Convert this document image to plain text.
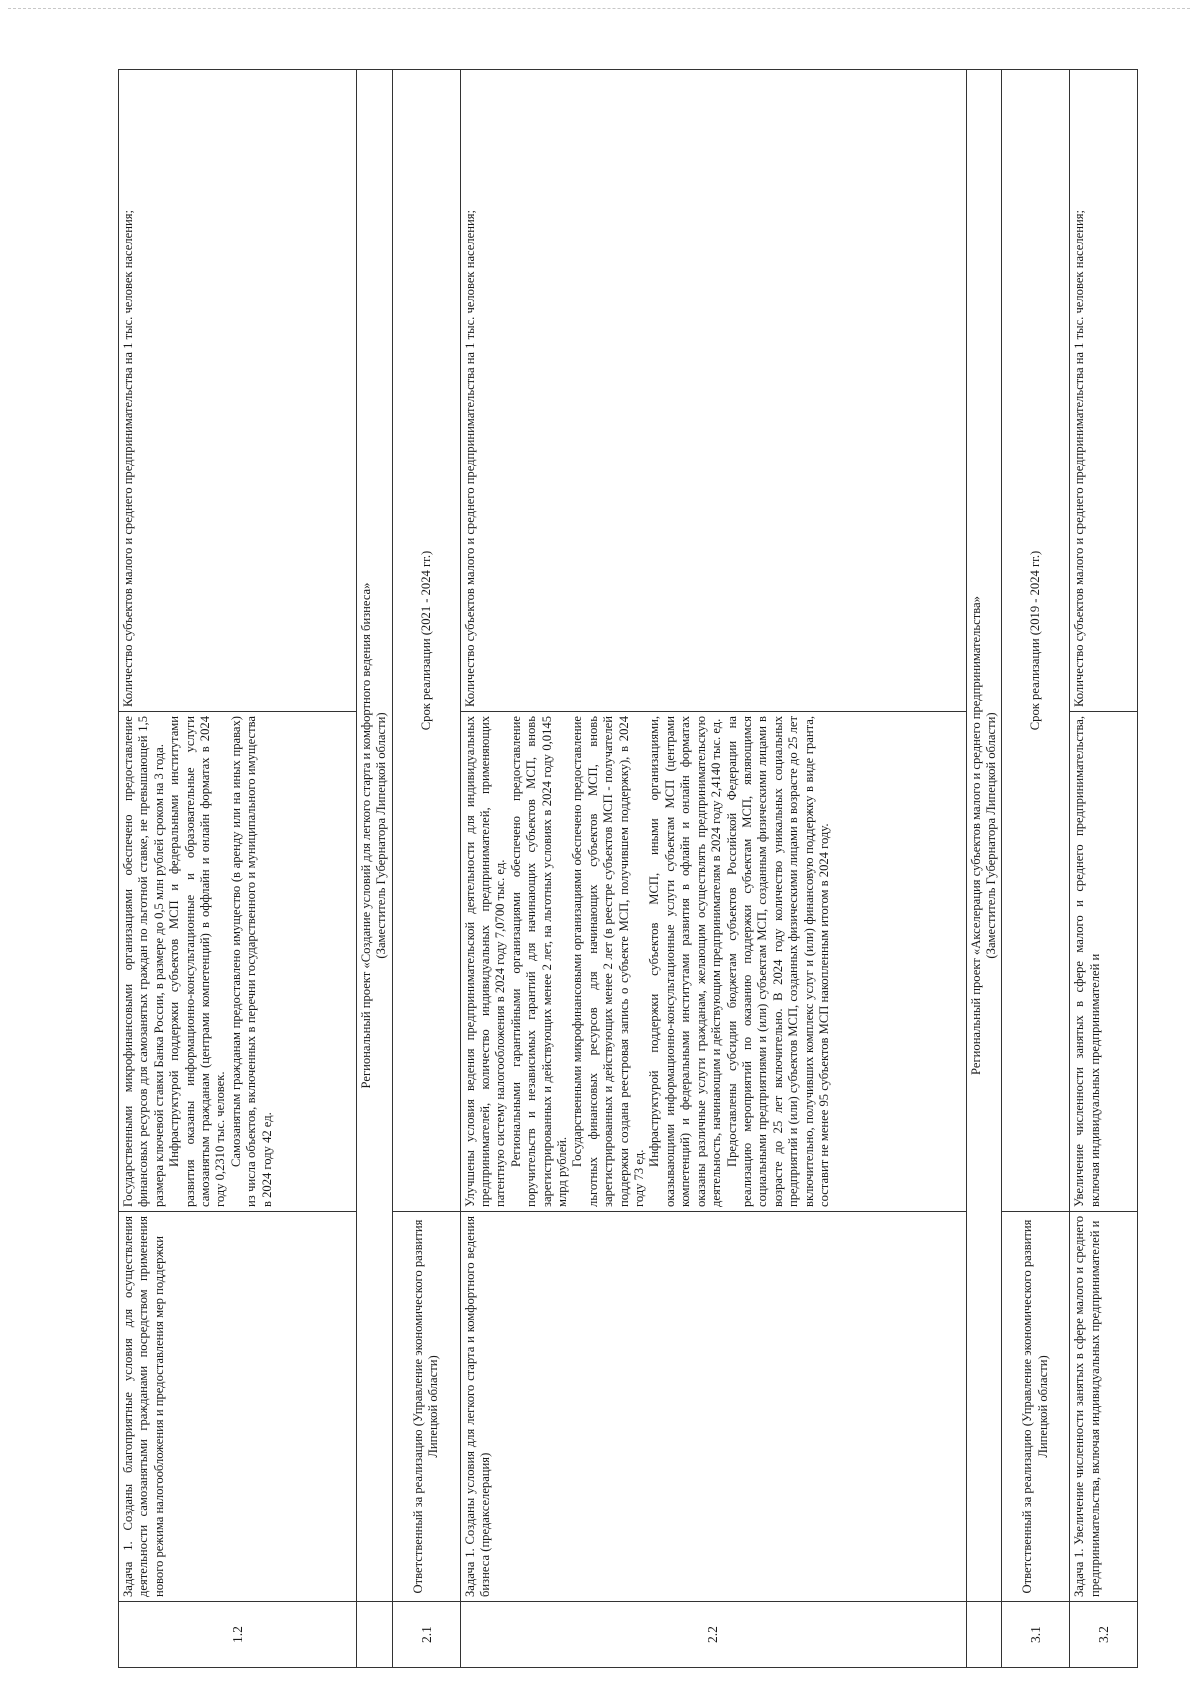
1.2	Задача 1. Созданы благоприятные условия для осуществления деятельности самозанятыми гражданами посредством применения нового режима налогообложения и предоставления мер поддержки	Государственными микрофинансовыми организациями обеспечено предоставление финансовых ресурсов для самозанятых граждан по льготной ставке, не превышающей 1,5 размера ключевой ставки Банка России, в размере до 0,5 млн рублей сроком на 3 года. Инфраструктурой поддержки субъектов МСП и федеральными институтами развития оказаны информационно-консультационные и образовательные услуги самозанятым гражданам (центрами компетенций) в оффлайн и онлайн форматах в 2024 году 0,2310 тыс. человек. Самозанятым гражданам предоставлено имущество (в аренду или на иных правах) из числа объектов, включенных в перечни государственного и муниципального имущества в 2024 году 42 ед.	Количество субъектов малого и среднего предпринимательства на 1 тыс. человек населения;

	Региональный проект «Создание условий для легкого старта и комфортного ведения бизнеса» (Заместитель Губернатора Липецкой области)		

2.1	Ответственный за реализацию (Управление экономического развития Липецкой области)	Срок реализации (2021 - 2024 гг.)	
2.2	Задача 1. Созданы условия для легкого старта и комфортного ведения бизнеса (предакселерация)	Улучшены условия ведения предпринимательской деятельности для индивидуальных предпринимателей, количество индивидуальных предпринимателей, применяющих патентную систему налогообложения в 2024 году 7,0700 тыс. ед. Региональными гарантийными организациями обеспечено предоставление поручительств и независимых гарантий для начинающих субъектов МСП, вновь зарегистрированных и действующих менее 2 лет, на льготных условиях в 2024 году 0,0145 млрд рублей.

Государственными микрофинансовыми организациями обеспечено предоставление льготных финансовых ресурсов для начинающих субъектов МСП, вновь зарегистрированных и действующих менее 2 лет (в реестре субъектов МСП - получателей поддержки создана реестровая запись о субъекте МСП, получившем поддержку), в 2024 году 73 ед.

Инфраструктурой поддержки субъектов МСП, иными организациями, оказывающими информационно-консультационные услуги субъектам МСП (центрами компетенций) и федеральными институтами развития в офлайн и онлайн форматах оказаны различные услуги гражданам, желающим осуществлять предпринимательскую деятельность, начинающим и действующим предпринимателям в 2024 году 2,4140 тыс. ед. Предоставлены субсидии бюджетам субъектов Российской Федерации на реализацию мероприятий по оказанию поддержки субъектам МСП, являющимся социальными предприятиями и (или) субъектам МСП, созданным физическими лицами в возрасте до 25 лет включительно. В 2024 году количество уникальных социальных предприятий и (или) субъектов МСП, созданных физическими лицами в возрасте до 25 лет включительно, получивших комплекс услуг и (или) финансовую поддержку в виде гранта, составит не менее 95 субъектов МСП накопленным итогом в 2024 году.	Количество субъектов малого и среднего предпринимательства на 1 тыс. человек населения;

	Региональный проект «Акселерация субъектов малого и среднего предпринимательства» (Заместитель Губернатора Липецкой области)		

3.1	Ответственный за реализацию (Управление экономического развития Липецкой области)	Срок реализации (2019 - 2024 гг.)	
3.2	Задача 1. Увеличение численности занятых в сфере малого и среднего предпринимательства, включая индивидуальных предпринимателей и	Увеличение численности занятых в сфере малого и среднего предпринимательства, включая индивидуальных предпринимателей и	Количество субъектов малого и среднего предпринимательства на 1 тыс. человек населения;
